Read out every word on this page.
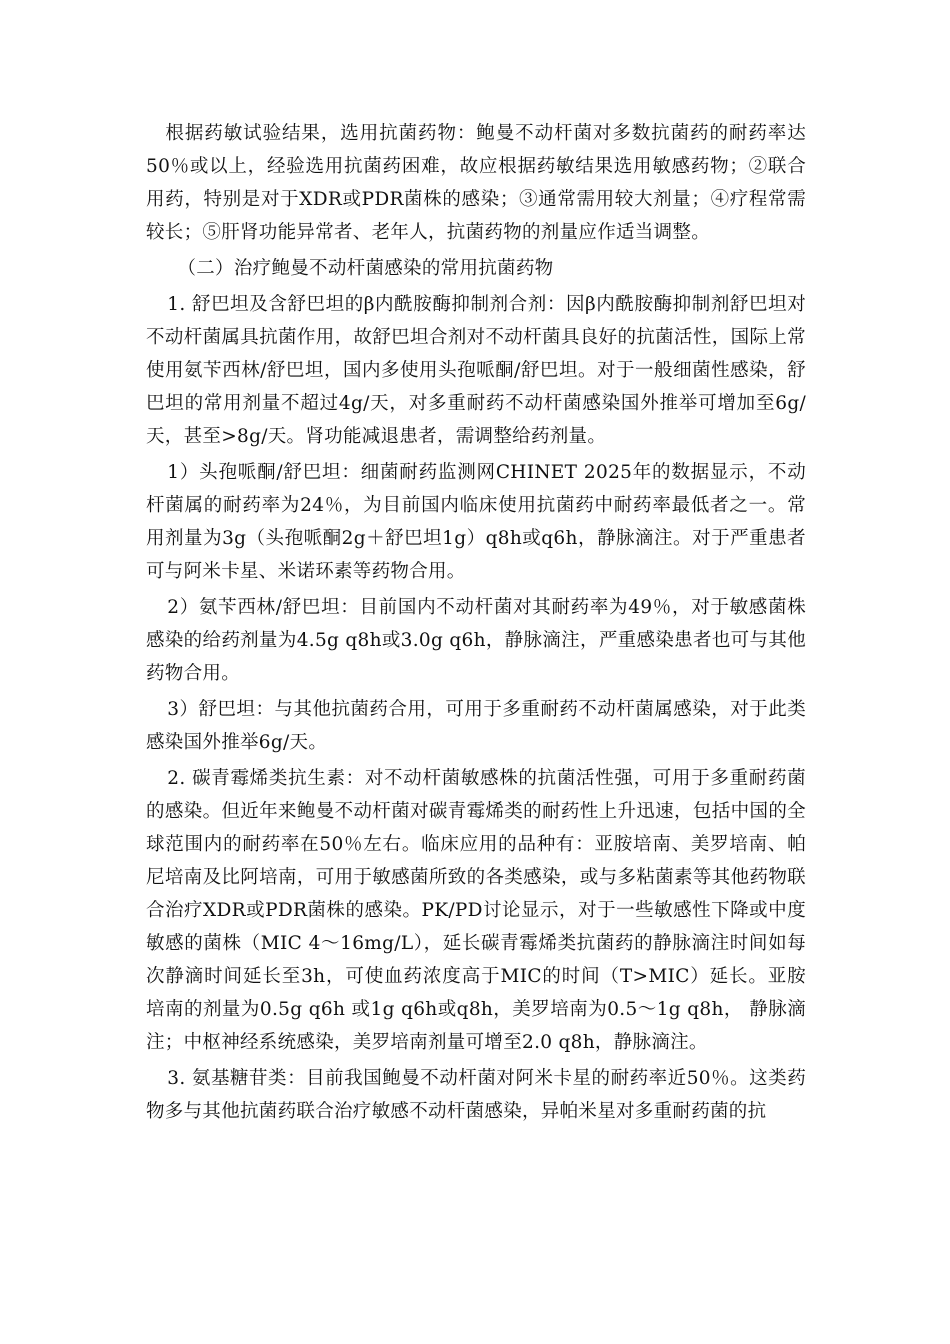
根据药敏试验结果，选用抗菌药物：鲍曼不动杆菌对多数抗菌药的耐药率达50％或以上，经验选用抗菌药困难，故应根据药敏结果选用敏感药物；②联合用药，特别是对于XDR或PDR菌株的感染；③通常需用较大剂量；④疗程常需较长；⑤肝肾功能异常者、老年人，抗菌药物的剂量应作适当调整。

（二）治疗鲍曼不动杆菌感染的常用抗菌药物

1. 舒巴坦及含舒巴坦的β内酰胺酶抑制剂合剂：因β内酰胺酶抑制剂舒巴坦对不动杆菌属具抗菌作用，故舒巴坦合剂对不动杆菌具良好的抗菌活性，国际上常使用氨苄西林/舒巴坦，国内多使用头孢哌酮/舒巴坦。对于一般细菌性感染，舒巴坦的常用剂量不超过4g/天，对多重耐药不动杆菌感染国外推举可增加至6g/天，甚至>8g/天。肾功能减退患者，需调整给药剂量。

1）头孢哌酮/舒巴坦：细菌耐药监测网CHINET 2025年的数据显示，不动杆菌属的耐药率为24％，为目前国内临床使用抗菌药中耐药率最低者之一。常用剂量为3g（头孢哌酮2g＋舒巴坦1g）q8h或q6h，静脉滴注。对于严重患者可与阿米卡星、米诺环素等药物合用。

2）氨苄西林/舒巴坦：目前国内不动杆菌对其耐药率为49％，对于敏感菌株感染的给药剂量为4.5g q8h或3.0g q6h，静脉滴注，严重感染患者也可与其他药物合用。

3）舒巴坦：与其他抗菌药合用，可用于多重耐药不动杆菌属感染，对于此类感染国外推举6g/天。

2. 碳青霉烯类抗生素：对不动杆菌敏感株的抗菌活性强，可用于多重耐药菌的感染。但近年来鲍曼不动杆菌对碳青霉烯类的耐药性上升迅速，包括中国的全球范围内的耐药率在50％左右。临床应用的品种有：亚胺培南、美罗培南、帕尼培南及比阿培南，可用于敏感菌所致的各类感染，或与多粘菌素等其他药物联合治疗XDR或PDR菌株的感染。PK/PD讨论显示，对于一些敏感性下降或中度敏感的菌株（MIC 4～16mg/L），延长碳青霉烯类抗菌药的静脉滴注时间如每次静滴时间延长至3h，可使血药浓度高于MIC的时间（T>MIC）延长。亚胺培南的剂量为0.5g q6h 或1g q6h或q8h，美罗培南为0.5～1g q8h， 静脉滴注；中枢神经系统感染，美罗培南剂量可增至2.0 q8h，静脉滴注。

3. 氨基糖苷类：目前我国鲍曼不动杆菌对阿米卡星的耐药率近50％。这类药物多与其他抗菌药联合治疗敏感不动杆菌感染，异帕米星对多重耐药菌的抗
